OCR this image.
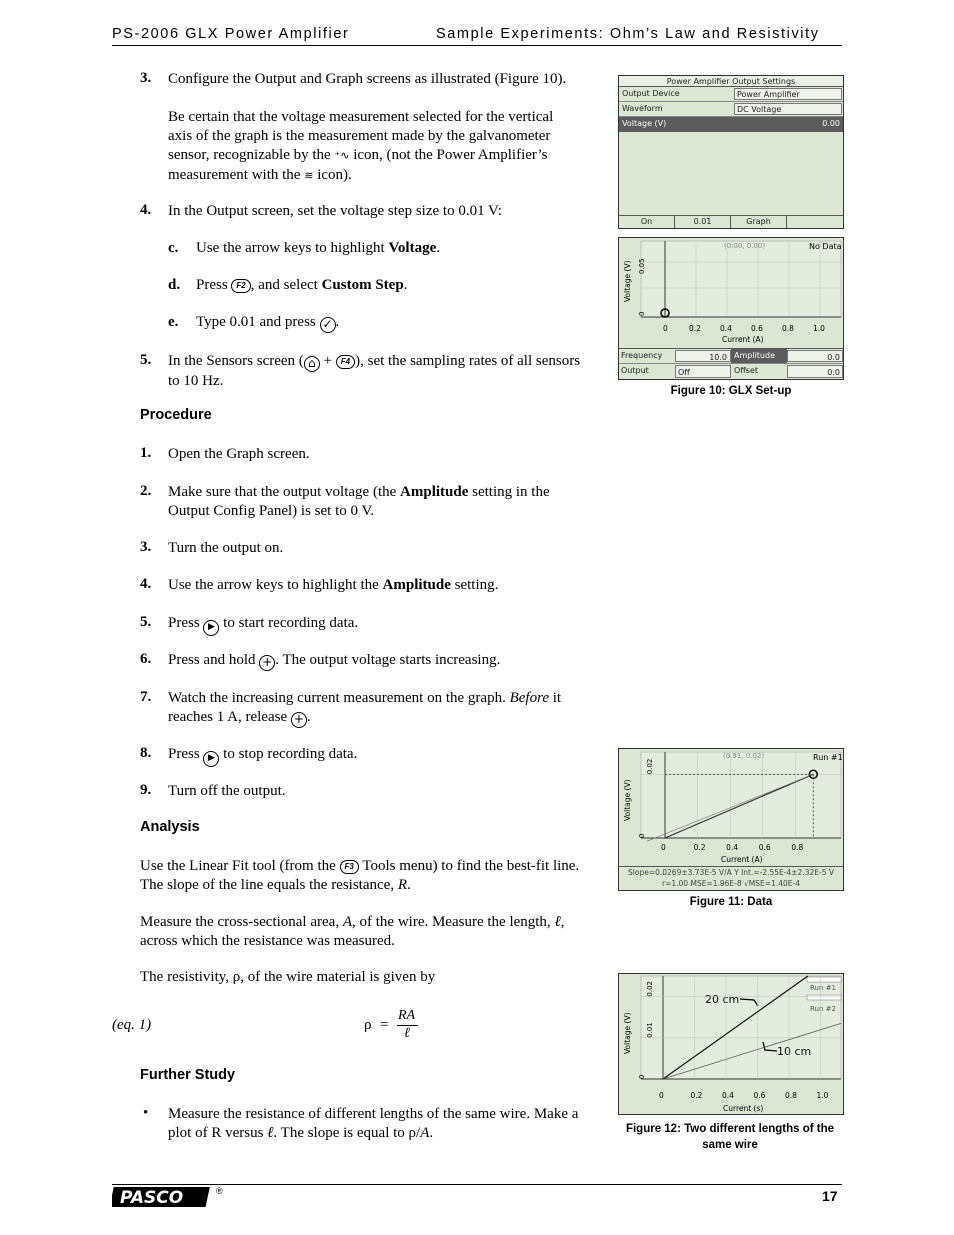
PS-2006 GLX Power Amplifier	Sample Experiments: Ohm’s Law and Resistivity
3. Configure the Output and Graph screens as illustrated (Figure 10).
Be certain that the voltage measurement selected for the vertical axis of the graph is the measurement made by the galvanometer sensor, recognizable by the ⁺∿ icon, (not the Power Amplifier’s measurement with the ≋ icon).
4. In the Output screen, set the voltage step size to 0.01 V:
c. Use the arrow keys to highlight Voltage.
d. Press F2 , and select Custom Step.
e. Type 0.01 and press ✓ .
5. In the Sensors screen ( ⌂ + F4 ), set the sampling rates of all sensors to 10 Hz.
Procedure
1. Open the Graph screen.
2. Make sure that the output voltage (the Amplitude setting in the Output Config Panel) is set to 0 V.
3. Turn the output on.
4. Use the arrow keys to highlight the Amplitude setting.
5. Press ▶ to start recording data.
6. Press and hold + . The output voltage starts increasing.
7. Watch the increasing current measurement on the graph. Before it reaches 1 A, release + .
8. Press ▶ to stop recording data.
9. Turn off the output.
Analysis
Use the Linear Fit tool (from the F3 Tools menu) to find the best-fit line. The slope of the line equals the resistance, R.
Measure the cross-sectional area, A, of the wire. Measure the length, ℓ, across which the resistance was measured.
The resistivity, ρ, of the wire material is given by
(eq. 1)	ρ =
RA
ℓ
Further Study
• Measure the resistance of different lengths of the same wire. Make a plot of R versus ℓ. The slope is equal to ρ/A.
Power Amplifier Output Settings
Output Device	Power Amplifier
Waveform	DC Voltage
Voltage (V)	0.00
On	0.01	Graph
(0.00, 0.00)	No Data
Voltage (V)
0
0.05
0	0.2	0.4	0.6	0.8	1.0
Current (A)
Frequency	10.0 Amplitude	0.0
Output	Off	Offset	0.0
Figure 10: GLX Set-up
(0.91, 0.02)	Run #1
Voltage (V)
Current (A)
0	0.2	0.4	0.6	0.8
0
0.02
Slope=0.0269±3.73E-5 V/A Y Int.=-2.55E-4±2.32E-5 V
r=1.00 MSE=1.96E-8 √MSE=1.40E-4
Figure 11: Data
Run #1
Run #2
20 cm
10 cm
Voltage (V)
Current (s)
0	0.2	0.4	0.6	0.8	1.0
0
0.01
0.02
Figure 12: Two different lengths of the same wire
PASCO	®	17
